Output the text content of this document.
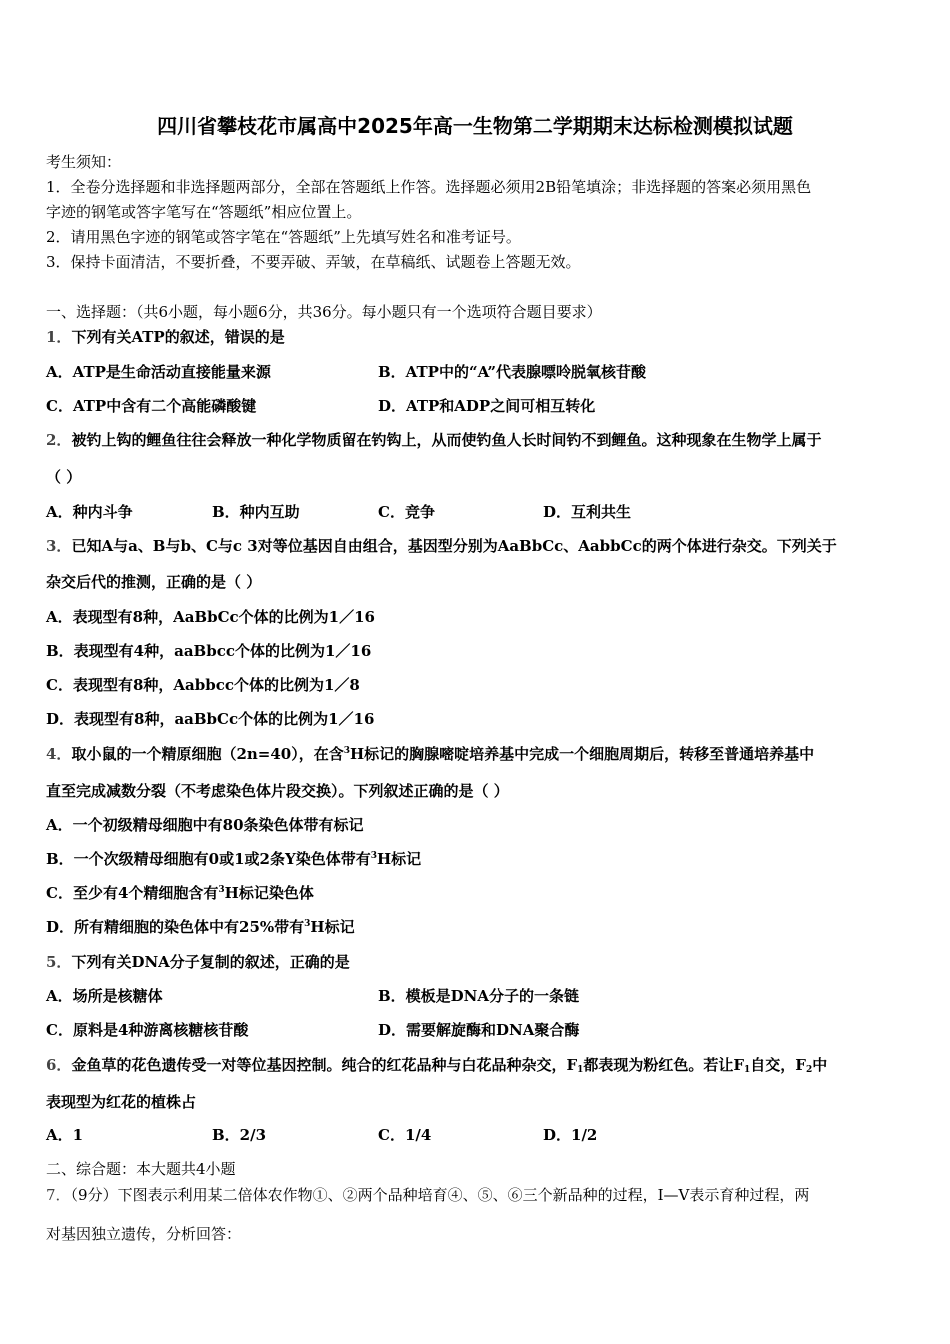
四川省攀枝花市属高中2025年高一生物第二学期期末达标检测模拟试题
考生须知：
1．全卷分选择题和非选择题两部分，全部在答题纸上作答。选择题必须用2B铅笔填涂；非选择题的答案必须用黑色
字迹的钢笔或答字笔写在“答题纸”相应位置上。
2．请用黑色字迹的钢笔或答字笔在“答题纸”上先填写姓名和准考证号。
3．保持卡面清洁，不要折叠，不要弄破、弄皱，在草稿纸、试题卷上答题无效。
一、选择题：（共6小题，每小题6分，共36分。每小题只有一个选项符合题目要求）
1．下列有关ATP的叙述，错误的是
A．ATP是生命活动直接能量来源	B．ATP中的“A”代表腺嘌呤脱氧核苷酸
C．ATP中含有二个高能磷酸键	D．ATP和ADP之间可相互转化
2．被钓上钩的鲤鱼往往会释放一种化学物质留在钓钩上，从而使钓鱼人长时间钓不到鲤鱼。这种现象在生物学上属于
（ ）
A．种内斗争	B．种内互助	C．竞争	D．互利共生
3．已知A与a、B与b、C与c 3对等位基因自由组合，基因型分别为AaBbCc、AabbCc的两个体进行杂交。下列关于
杂交后代的推测，正确的是（ ）
A．表现型有8种，AaBbCc个体的比例为1／16
B．表现型有4种，aaBbcc个体的比例为1／16
C．表现型有8种，Aabbcc个体的比例为1／8
D．表现型有8种，aaBbCc个体的比例为1／16
4．取小鼠的一个精原细胞（2n=40），在含$^3$H标记的胸腺嘧啶培养基中完成一个细胞周期后，转移至普通培养基中
直至完成减数分裂（不考虑染色体片段交换）。下列叙述正确的是（ ）
A．一个初级精母细胞中有80条染色体带有标记
B．一个次级精母细胞有0或1或2条Y染色体带有$^3$H标记
C．至少有4个精细胞含有$^3$H标记染色体
D．所有精细胞的染色体中有25%带有$^3$H标记
5．下列有关DNA分子复制的叙述，正确的是
A．场所是核糖体	B．模板是DNA分子的一条链
C．原料是4种游离核糖核苷酸	D．需要解旋酶和DNA聚合酶
6．金鱼草的花色遗传受一对等位基因控制。纯合的红花品种与白花品种杂交，$F_1$都表现为粉红色。若让$F_1$自交，$F_2$中
表现型为红花的植株占
A．1	B．2/3	C．1/4	D．1/2
二、综合题：本大题共4小题
7．（9分）下图表示利用某二倍体农作物①、②两个品种培育④、⑤、⑥三个新品种的过程，Ⅰ—Ⅴ表示育种过程，两
对基因独立遗传，分析回答：
